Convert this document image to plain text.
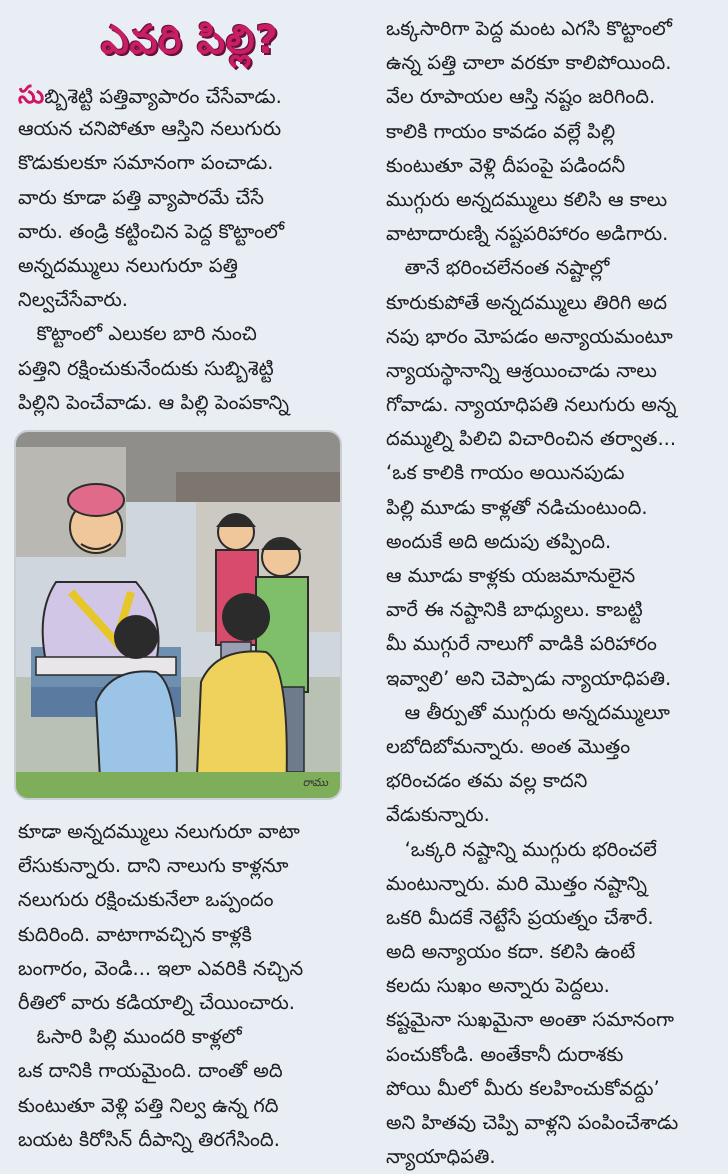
ఎవరి పిల్లి?
సుబ్బిశెట్టి పత్తివ్యాపారం చేసేవాడు.
ఆయన చనిపోతూ ఆస్తిని నలుగురు
కొడుకులకూ సమానంగా పంచాడు.
వారు కూడా పత్తి వ్యాపారమే చేసే
వారు. తండ్రి కట్టించిన పెద్ద కొట్టాంలో
అన్నదమ్ములు నలుగురూ పత్తి
నిల్వచేసేవారు.
కొట్టాంలో ఎలుకల బారి నుంచి
పత్తిని రక్షించుకునేందుకు సుబ్బిశెట్టి
పిల్లిని పెంచేవాడు. ఆ పిల్లి పెంపకాన్ని
రాము
కూడా అన్నదమ్ములు నలుగురూ వాటా
లేసుకున్నారు. దాని నాలుగు కాళ్లనూ
నలుగురు రక్షించుకునేలా ఒప్పందం
కుదిరింది. వాటాగావచ్చిన కాళ్లకి
బంగారం, వెండి... ఇలా ఎవరికి నచ్చిన
రీతిలో వారు కడియాల్ని చేయించారు.
ఓసారి పిల్లి ముందరి కాళ్లలో
ఒక దానికి గాయమైంది. దాంతో అది
కుంటుతూ వెళ్లి పత్తి నిల్వ ఉన్న గది
బయట కిరోసిన్ దీపాన్ని తిరగేసింది.
ఒక్కసారిగా పెద్ద మంట ఎగసి కొట్టాంలో
ఉన్న పత్తి చాలా వరకూ కాలిపోయింది.
వేల రూపాయల ఆస్తి నష్టం జరిగింది.
కాలికి గాయం కావడం వల్లే పిల్లి
కుంటుతూ వెళ్లి దీపంపై పడిందనీ
ముగ్గురు అన్నదమ్ములు కలిసి ఆ కాలు
వాటాదారుణ్ని నష్టపరిహారం అడిగారు.
తానే భరించలేనంత నష్టాల్లో
కూరుకుపోతే అన్నదమ్ములు తిరిగి అద
నపు భారం మోపడం అన్యాయమంటూ
న్యాయస్థానాన్ని ఆశ్రయించాడు నాలు
గోవాడు. న్యాయాధిపతి నలుగురు అన్న
దమ్ముల్ని పిలిచి విచారించిన తర్వాత...
‘ఒక కాలికి గాయం అయినపుడు
పిల్లి మూడు కాళ్లతో నడిచుంటుంది.
అందుకే అది అదుపు తప్పింది.
ఆ మూడు కాళ్లకు యజమానులైన
వారే ఈ నష్టానికి బాధ్యులు. కాబట్టి
మీ ముగ్గురే నాలుగో వాడికి పరిహారం
ఇవ్వాలి’ అని చెప్పాడు న్యాయాధిపతి.
ఆ తీర్పుతో ముగ్గురు అన్నదమ్ములూ
లబోదిబోమన్నారు. అంత మొత్తం
భరించడం తమ వల్ల కాదని
వేడుకున్నారు.
‘ఒక్కరి నష్టాన్ని ముగ్గురు భరించలే
మంటున్నారు. మరి మొత్తం నష్టాన్ని
ఒకరి మీదకే నెట్టేసే ప్రయత్నం చేశారే.
అది అన్యాయం కదా. కలిసి ఉంటే
కలదు సుఖం అన్నారు పెద్దలు.
కష్టమైనా సుఖమైనా అంతా సమానంగా
పంచుకోండి. అంతేకానీ దురాశకు
పోయి మీలో మీరు కలహించుకోవద్దు’
అని హితవు చెప్పి వాళ్లని పంపించేశాడు
న్యాయాధిపతి.
